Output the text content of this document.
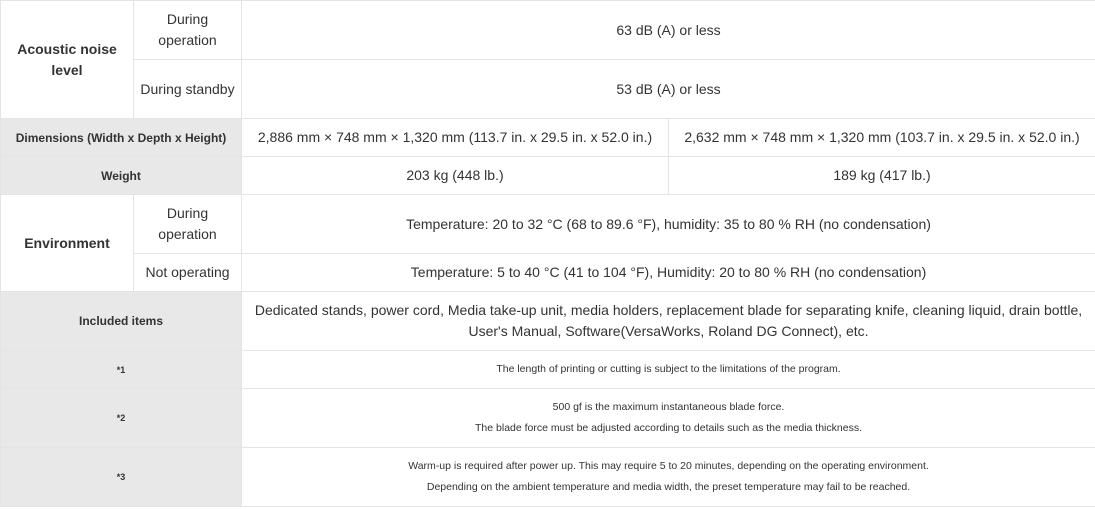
Acoustic noise level	During operation	63 dB (A) or less	
	During standby	53 dB (A) or less	
Dimensions (Width x Depth x Height)		2,886 mm × 748 mm × 1,320 mm (113.7 in. x 29.5 in. x 52.0 in.)	2,632 mm × 748 mm × 1,320 mm (103.7 in. x 29.5 in. x 52.0 in.)
Weight		203 kg (448 lb.)	189 kg (417 lb.)
Environment	During operation	Temperature: 20 to 32 °C (68 to 89.6 °F), humidity: 35 to 80 % RH (no condensation)	
	Not operating	Temperature: 5 to 40 °C (41 to 104 °F), Humidity: 20 to 80 % RH (no condensation)	
Included items		Dedicated stands, power cord, Media take-up unit, media holders, replacement blade for separating knife, cleaning liquid, drain bottle,
User's Manual, Software(VersaWorks, Roland DG Connect), etc.	

*1		The length of printing or cutting is subject to the limitations of the program.	

*2		500 gf is the maximum instantaneous blade force.
The blade force must be adjusted according to details such as the media thickness.	

*3		Warm-up is required after power up. This may require 5 to 20 minutes, depending on the operating environment.
Depending on the ambient temperature and media width, the preset temperature may fail to be reached.	
